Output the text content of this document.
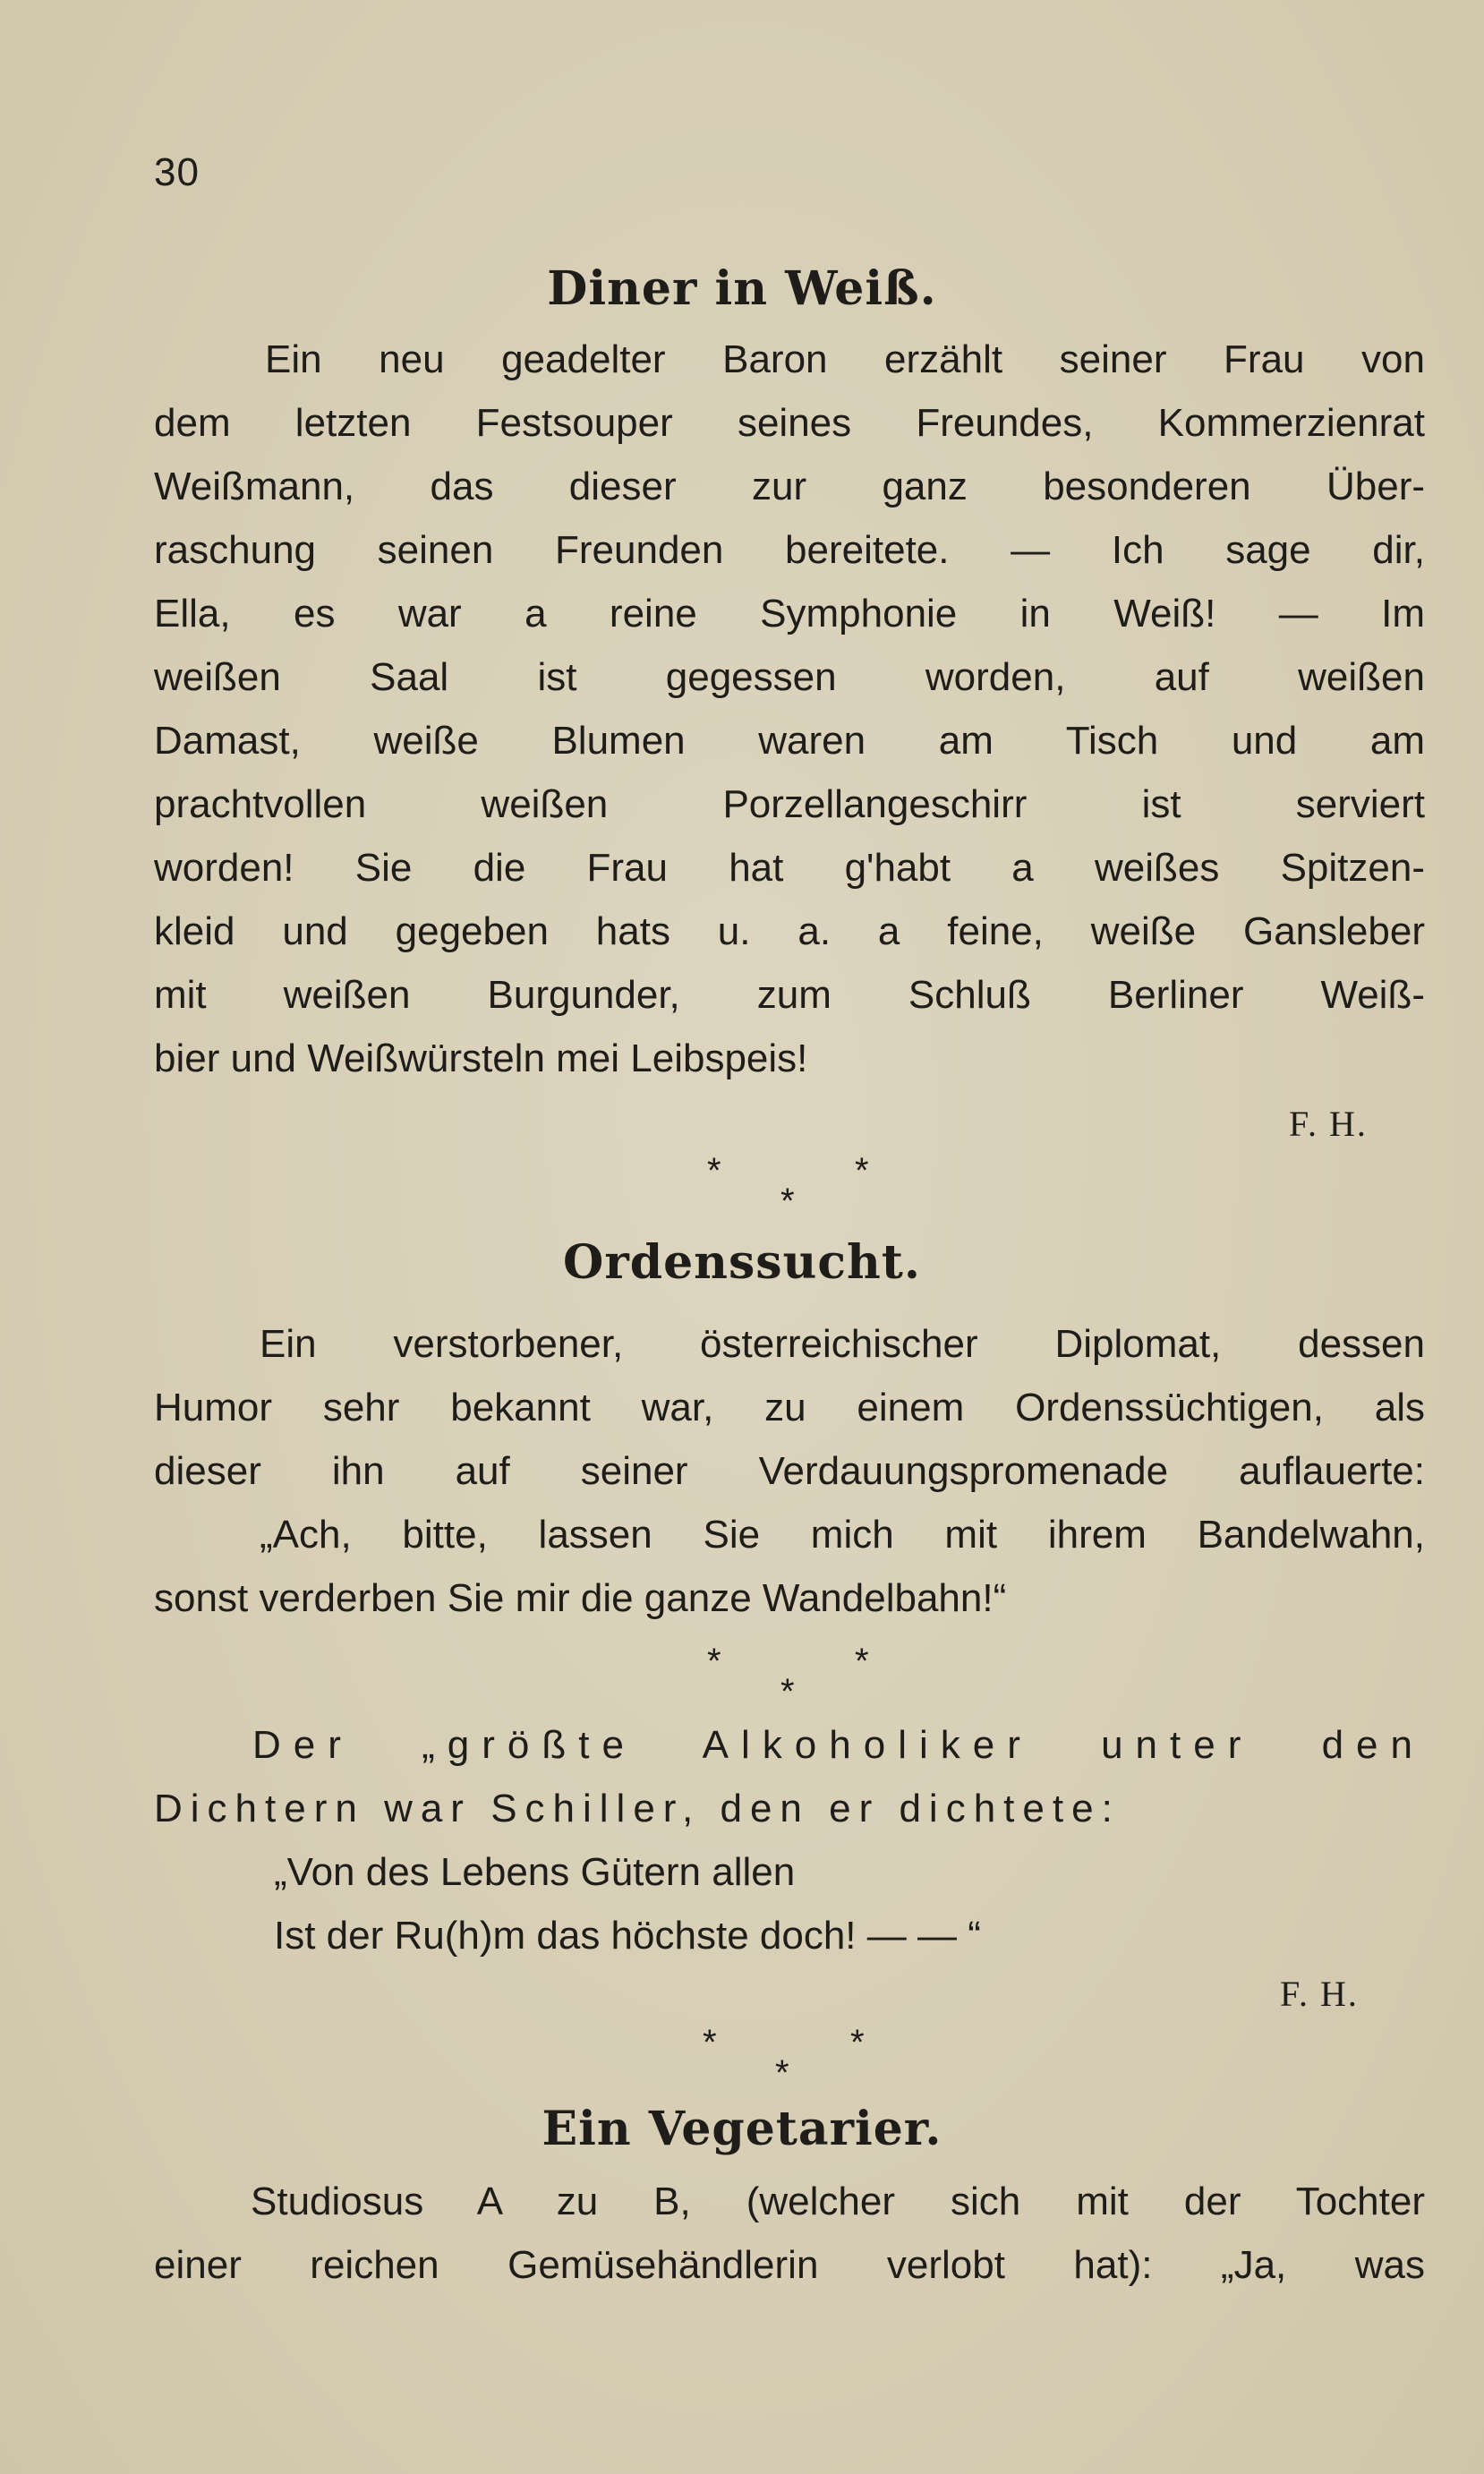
30
Diner in Weiß.
Ein neu geadelter Baron erzählt seiner Frau von
dem letzten Festsouper seines Freundes, Kommerzienrat
Weißmann, das dieser zur ganz besonderen Über-
raschung seinen Freunden bereitete. — Ich sage dir,
Ella, es war a reine Symphonie in Weiß! — Im
weißen Saal ist gegessen worden, auf weißen
Damast, weiße Blumen waren am Tisch und am
prachtvollen weißen Porzellangeschirr ist serviert
worden! Sie die Frau hat g'habt a weißes Spitzen-
kleid und gegeben hats u. a. a feine, weiße Gansleber
mit weißen Burgunder, zum Schluß Berliner Weiß-
bier und Weißwürsteln mei Leibspeis!
F. H.
*	*
*
Ordenssucht.
Ein verstorbener, österreichischer Diplomat, dessen
Humor sehr bekannt war, zu einem Ordenssüchtigen, als
dieser ihn auf seiner Verdauungspromenade auflauerte:
„Ach, bitte, lassen Sie mich mit ihrem Bandelwahn,
sonst verderben Sie mir die ganze Wandelbahn!“
*	*
*
Der „größte Alkoholiker unter den
Dichtern war Schiller, den er dichtete:
„Von des Lebens Gütern allen
Ist der Ru(h)m das höchste doch! — — “
F. H.
*	*
*
Ein Vegetarier.
Studiosus A zu B, (welcher sich mit der Tochter
einer reichen Gemüsehändlerin verlobt hat): „Ja, was
